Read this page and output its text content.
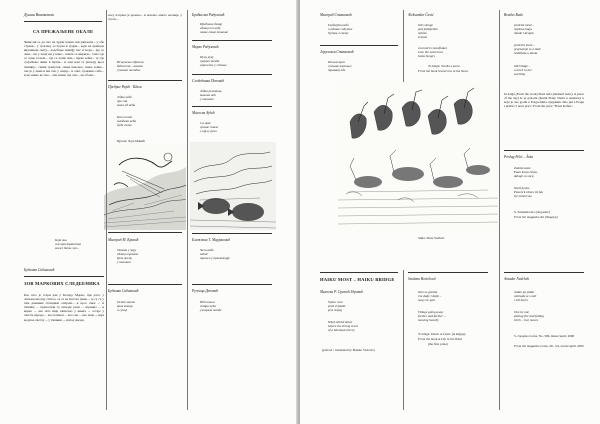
Душан Вишњевски
СА ПРЕЖАЉЕНЕ ОБАЛЕ
Чини ми се да смо на чудан начин сви умиљати... у обе стране... у трагању за бојом и сјајем... који не припада видљивом свету... колебање између нас и мора... јер се чека... ни у чему ни у коме... памте се мириси... тамо где се ломе таласи... где се ломи свет... преко ноћи... ту где сусрећемо живе и мртве... и они нам се јављају кроз тишину... сваки тренутак, свака шкољка, свака сенка... све је у нама и ми смо у свему... и опет, тражимо себе... и не знамо ко смо... али знамо где смо... на обали...
Који зна
сва пространства
може бити чуо...
Будимка Сибиновић
ЗОВ МАРКОВИХ СЛЕДБЕНИКА
Као што је стари дан у Котору, Марко, пре рата, у летњем месецу стигао, те се на Кастел јавио... те су се у тим дневним облацима смејали... и кроз смех ... и тишину ... преносили су хиљаде речи ... спремно ... и верно ... оно што није записано у књиге ... остаје у свести народа ... као пламен ... као сан ... као знак ... који води ка светлу ... у тишини ... испод звезда.
носу и право је речено... и поново, много касније, у сутон...
Исцељење обрасла
бићем ти... налази
сунчано поподне
Предраг Рајић · Шаха
Једно небо
пре сна
мало од неба
Кап по кап
звездано небо
буде снове
Цртеж: Зора Манић
Милорад М. Кривић
Окован у зору
облаци пролазе
кроз песму
у тишини
Будимка Сибиновић
Осмех малих
кроз ветар
и сунце
Браћислав Радуловић
Предивни бехар
облаци по небу
плаве сенке тишине
Мирко Радуловић
Пуну руку
сјајних звезда
уврежене у сећање
Слободанка Поповић
Једна реченица
малена ноћ
у тишини
Милосав Ајдић
Са прве
грозне стазе
у кругу речи
Блаженка Т. Марјановић
Чега небо
ноћас
тражи у праскозорју
Ружица Дачовић
Ноћ шаља
стара кућа
ужарене звезде
Милорад Станковић
Гледајући небо
и облаке сићушне
ћутим о свему
Јерусалим Станковић
Пољем кроз
сунчане трешње
трамвај иде
HAIKU MOST – HAIKU BRIDGE
Милоска Р. Сретић Здравић
Vjetar nosi
proti zvijezde
prvi snijeg
Wind stirred down
before the strong scent
of a bloomed cherry.
(prevod / translated by Branko Vidović)
Aleksandar Čavić
bili s druge
pod jedinjenim
nebom
svetom
covered in snowflakes
even the scarecrow
looks hungry
To haiga: Strolls a snow
From the book Scarecrow in the Snow
Slika: Zlata Vučinić
Snežana Bortolović
Selo se gomila
cve dalje i dalje –
mog cve gali
Village going away
farther and farther –
mowing heavily
To haiga: Dawn or fawn: (iz knjige)
From the book A Lily in the Wind
(the first prize)
Branko Rudo
proletni mesé –
neplena haga
mlade l dcogla
prolećni mesé –
gracivanje se z ziale
nedeljska u donia
tidi bridge –
a torch in her
swelling
In haiga (From the work) Pietà nebo (Remoll nebo). A piece of the sky) Iz je gonotin (Kerik Peta): Darin u Anahrrey u koje je ono godiu u Pragu dekla, njegakiki. shio put a Pragu i primio 5 neve pricc. From the price "Franz Kafka".
Predag Pelić – Šuša
Zalutá nanu:
Paun kroja čerpu,
dahaje su suru.
Snail pecks,
Peacock closes its fan
for tomorrow.
S. Zaitsenko Ko (Jugoslav)
From the magazine Ko (Nagoya)
Amadar Nedeleki
Jedan po jedan
cabrada se s zuli
i sili loven
One by one
putting fire and falling
birch – tree leaves
S. časopisa Lotus, No. 306, marec/april, 2000
From the magazine Lotus, No. 3/4, marec/april 2000
